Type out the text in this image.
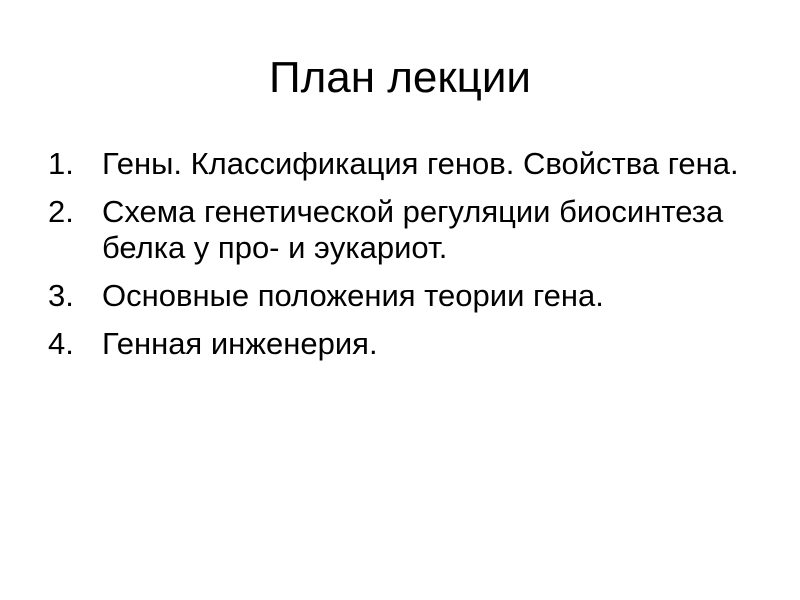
План лекции
1. Гены. Классификация генов. Свойства гена.
2. Схема генетической регуляции биосинтеза белка у про- и эукариот.
3. Основные положения теории гена.
4. Генная инженерия.
